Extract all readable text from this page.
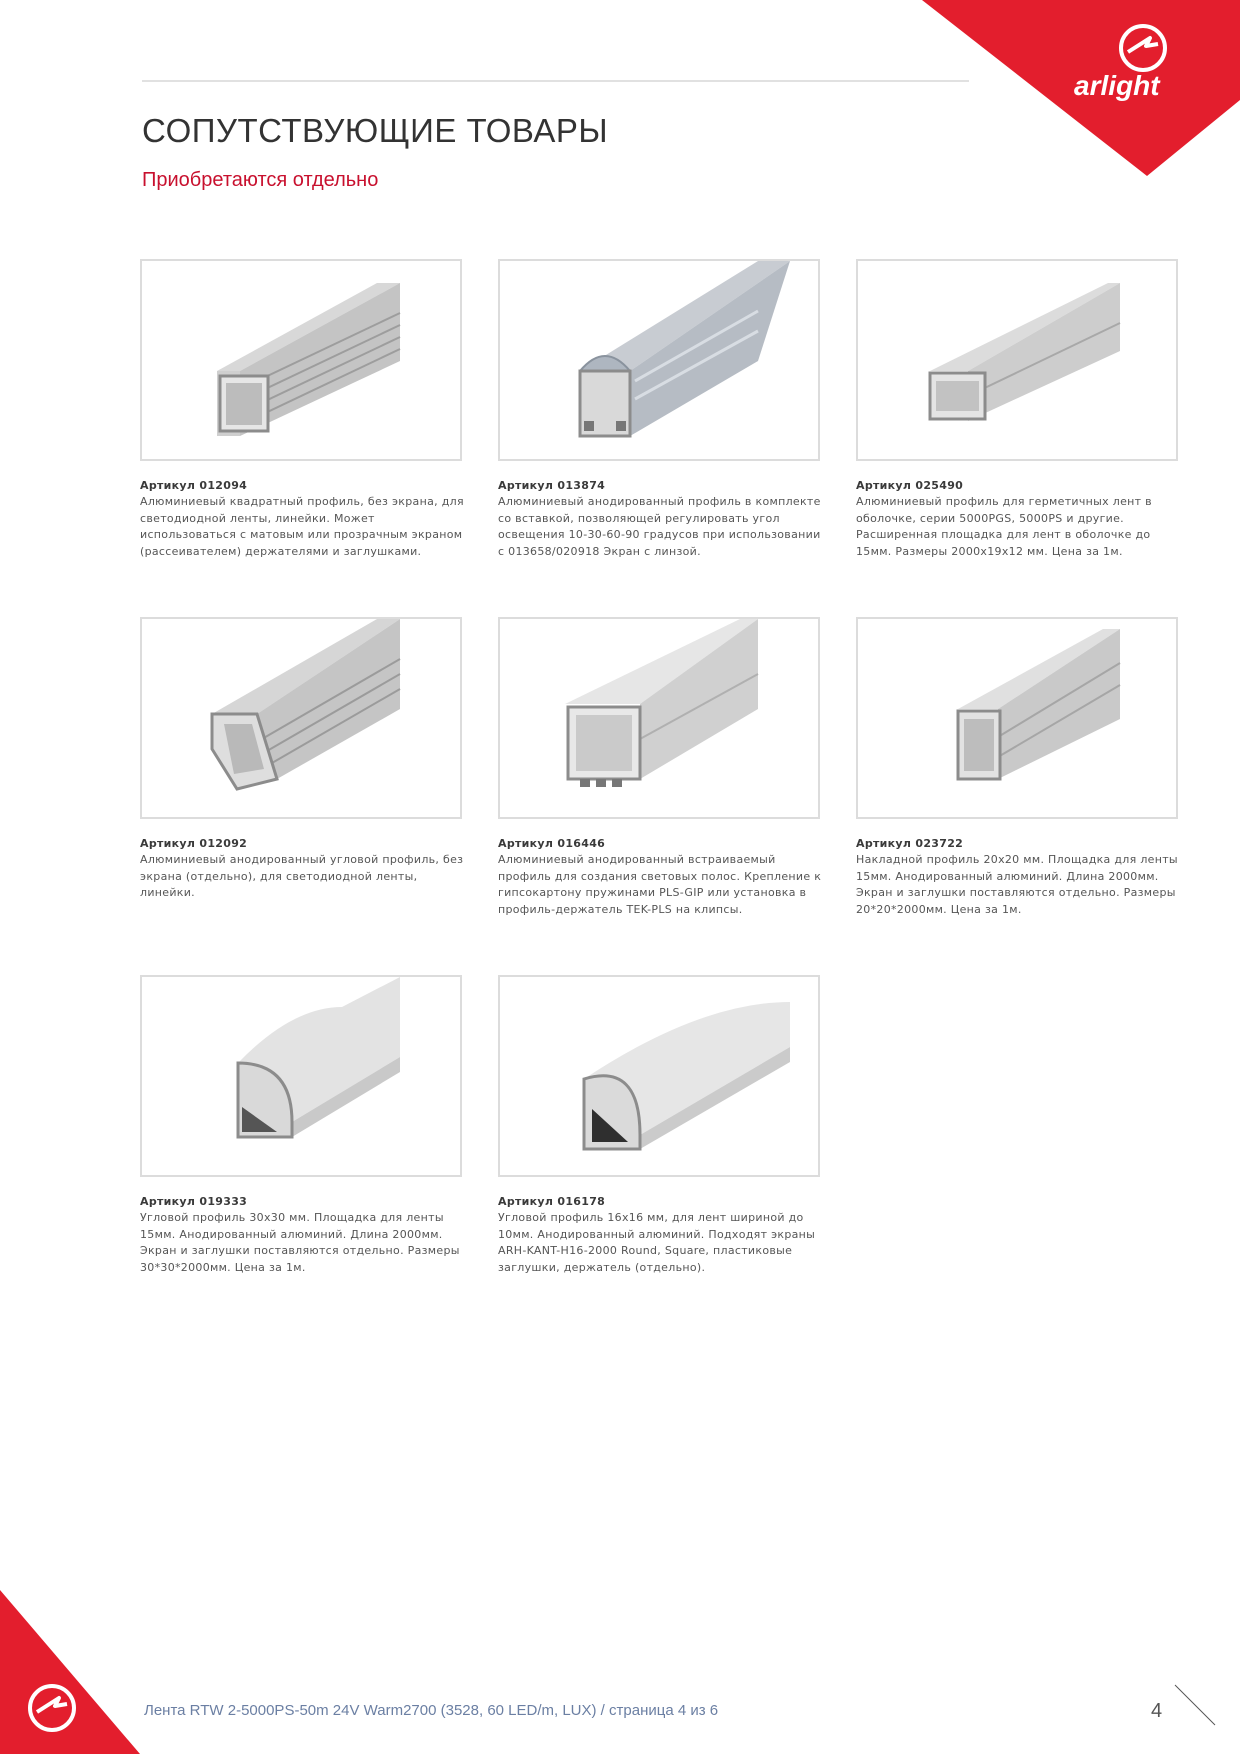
arlight
СОПУТСТВУЮЩИЕ ТОВАРЫ
Приобретаются отдельно
Артикул 012094

Алюминиевый квадратный профиль, без экрана, для светодиодной ленты, линейки. Может использоваться с матовым или прозрачным экраном (рассеивателем) держателями и заглушками.

Артикул 013874

Алюминиевый анодированный профиль в комплекте со вставкой, позволяющей регулировать угол освещения 10-30-60-90 градусов при использовании с 013658/020918 Экран с линзой.

Артикул 025490

Алюминиевый профиль для герметичных лент в оболочке, серии 5000PGS, 5000PS и другие. Расширенная площадка для лент в оболочке до 15мм. Размеры 2000x19x12 мм. Цена за 1м.

Артикул 012092

Алюминиевый анодированный угловой профиль, без экрана (отдельно), для светодиодной ленты, линейки.

Артикул 016446

Алюминиевый анодированный встраиваемый профиль для создания световых полос. Крепление к гипсокартону пружинами PLS-GIP или установка в профиль-держатель TEK-PLS на клипсы.

Артикул 023722

Накладной профиль 20x20 мм. Площадка для ленты 15мм. Анодированный алюминий. Длина 2000мм. Экран и заглушки поставляются отдельно. Размеры 20*20*2000мм. Цена за 1м.

Артикул 019333

Угловой профиль 30x30 мм. Площадка для ленты 15мм. Анодированный алюминий. Длина 2000мм. Экран и заглушки поставляются отдельно. Размеры 30*30*2000мм. Цена за 1м.

Артикул 016178

Угловой профиль 16x16 мм, для лент шириной до 10мм. Анодированный алюминий. Подходят экраны ARH-KANT-H16-2000 Round, Square, пластиковые заглушки, держатель (отдельно).

Лента RTW 2-5000PS-50m 24V Warm2700 (3528, 60 LED/m, LUX) / страница 4 из 6	4
